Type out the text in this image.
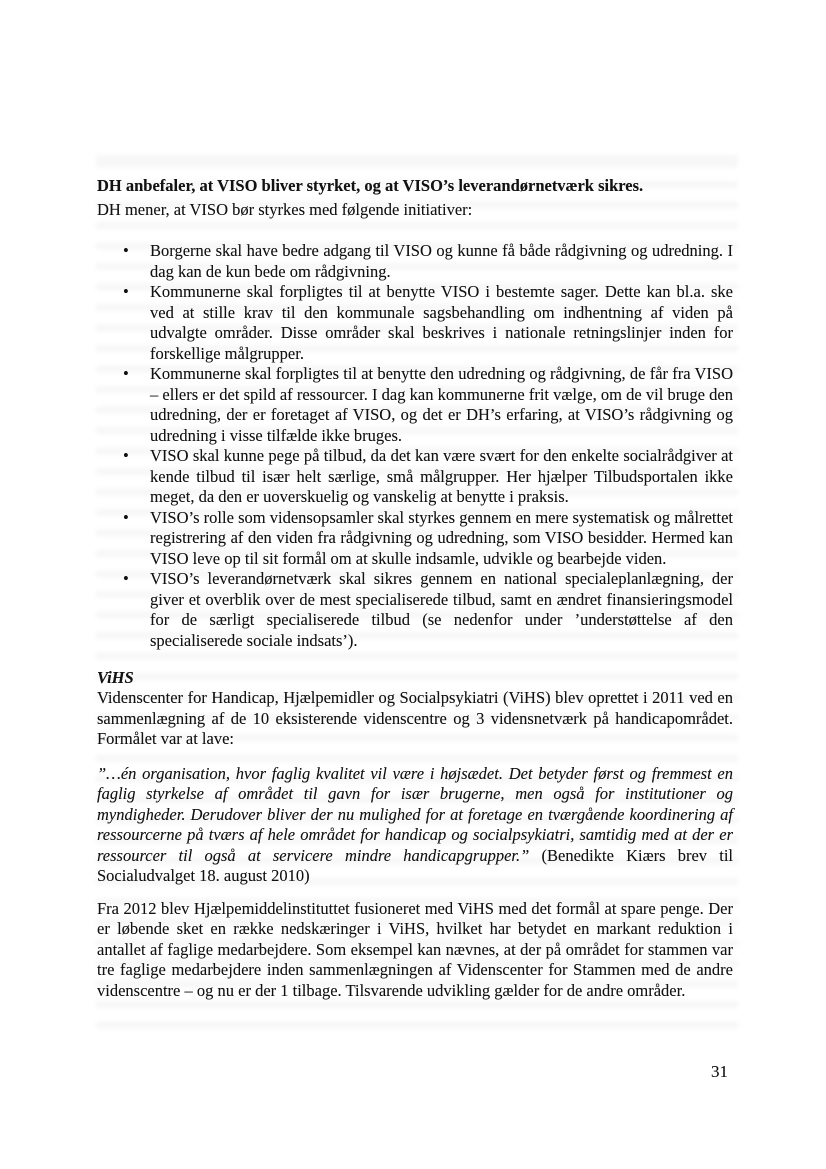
DH anbefaler, at VISO bliver styrket, og at VISO’s leverandørnetværk sikres.

DH mener, at VISO bør styrkes med følgende initiativer:

• Borgerne skal have bedre adgang til VISO og kunne få både rådgivning og udredning. I dag kan de kun bede om rådgivning.
• Kommunerne skal forpligtes til at benytte VISO i bestemte sager. Dette kan bl.a. ske ved at stille krav til den kommunale sagsbehandling om indhentning af viden på udvalgte områder. Disse områder skal beskrives i nationale retningslinjer inden for forskellige målgrupper.
• Kommunerne skal forpligtes til at benytte den udredning og rådgivning, de får fra VISO – ellers er det spild af ressourcer. I dag kan kommunerne frit vælge, om de vil bruge den udredning, der er foretaget af VISO, og det er DH’s erfaring, at VISO’s rådgivning og udredning i visse tilfælde ikke bruges.
• VISO skal kunne pege på tilbud, da det kan være svært for den enkelte socialrådgiver at kende tilbud til især helt særlige, små målgrupper. Her hjælper Tilbudsportalen ikke meget, da den er uoverskuelig og vanskelig at benytte i praksis.
• VISO’s rolle som vidensopsamler skal styrkes gennem en mere systematisk og målrettet registrering af den viden fra rådgivning og udredning, som VISO besidder. Hermed kan VISO leve op til sit formål om at skulle indsamle, udvikle og bearbejde viden.
• VISO’s leverandørnetværk skal sikres gennem en national specialeplanlægning, der giver et overblik over de mest specialiserede tilbud, samt en ændret finansieringsmodel for de særligt specialiserede tilbud (se nedenfor under ’understøttelse af den specialiserede sociale indsats’).
ViHS

Videnscenter for Handicap, Hjælpemidler og Socialpsykiatri (ViHS) blev oprettet i 2011 ved en sammenlægning af de 10 eksisterende videnscentre og 3 vidensnetværk på handicapområdet. Formålet var at lave:

”…én organisation, hvor faglig kvalitet vil være i højsædet. Det betyder først og fremmest en faglig styrkelse af området til gavn for især brugerne, men også for institutioner og myndigheder. Derudover bliver der nu mulighed for at foretage en tværgående koordinering af ressourcerne på tværs af hele området for handicap og socialpsykiatri, samtidig med at der er ressourcer til også at servicere mindre handicapgrupper.” (Benedikte Kiærs brev til Socialudvalget 18. august 2010)

Fra 2012 blev Hjælpemiddelinstituttet fusioneret med ViHS med det formål at spare penge. Der er løbende sket en række nedskæringer i ViHS, hvilket har betydet en markant reduktion i antallet af faglige medarbejdere. Som eksempel kan nævnes, at der på området for stammen var tre faglige medarbejdere inden sammenlægningen af Videnscenter for Stammen med de andre videnscentre – og nu er der 1 tilbage. Tilsvarende udvikling gælder for de andre områder.

31
